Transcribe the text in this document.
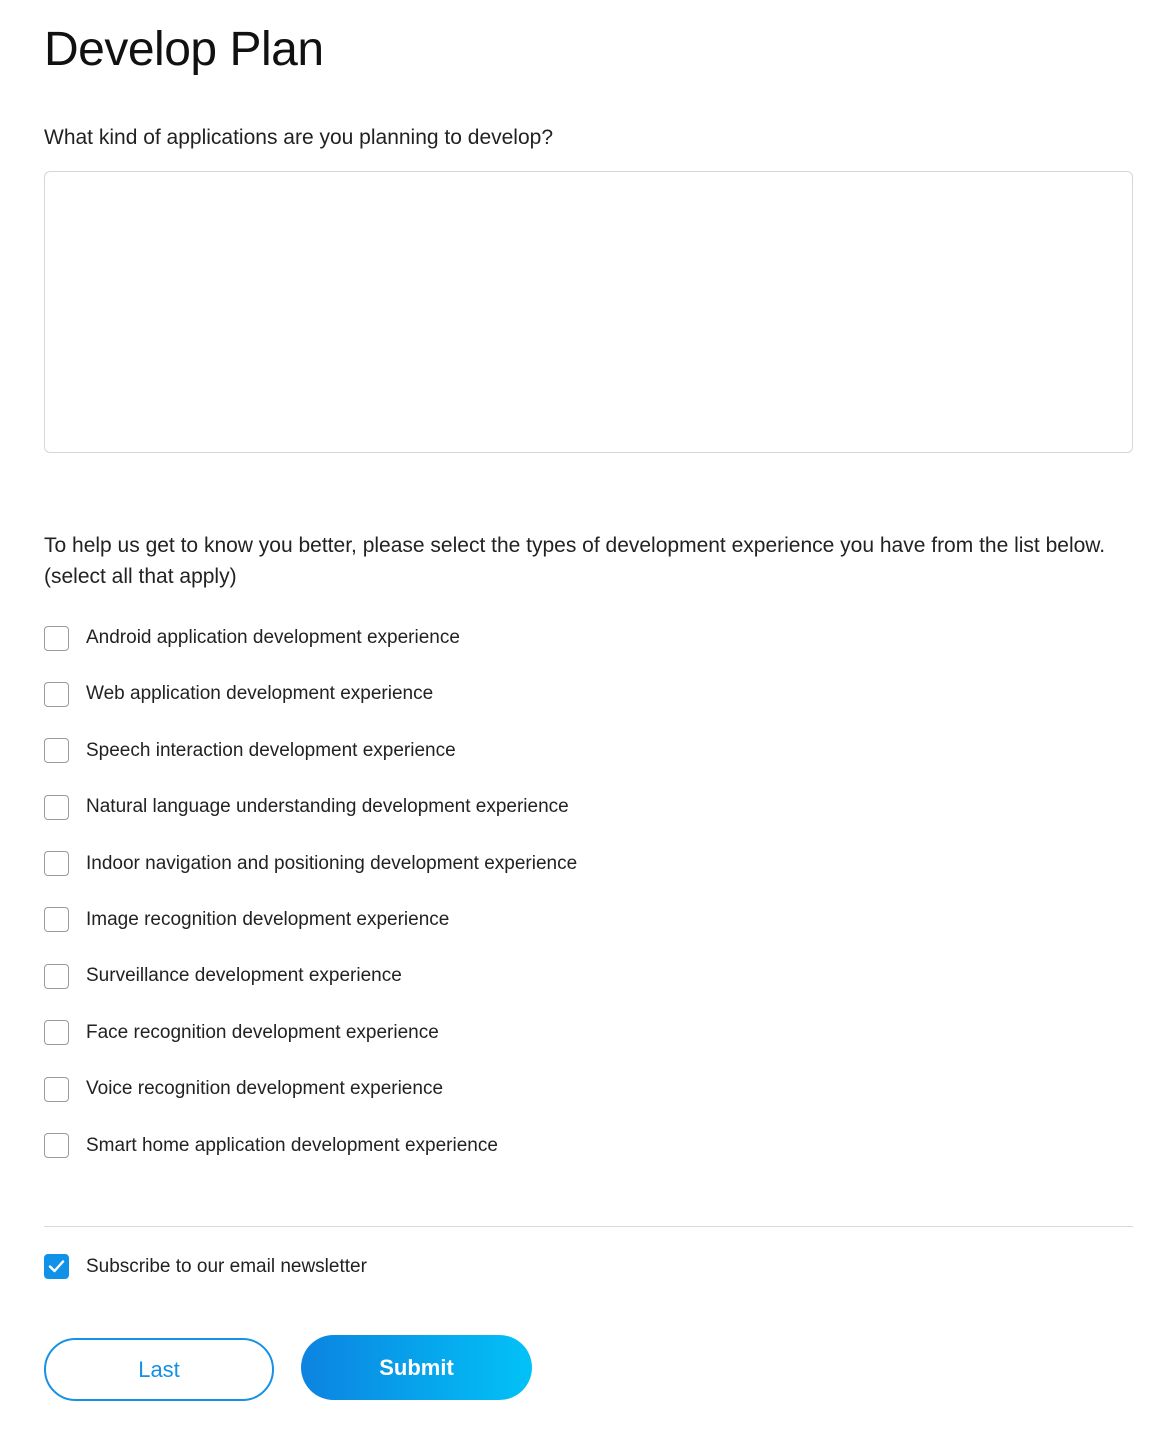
Develop Plan
What kind of applications are you planning to develop?
To help us get to know you better, please select the types of development experience you have from the list below. (select all that apply)
Android application development experience
Web application development experience
Speech interaction development experience
Natural language understanding development experience
Indoor navigation and positioning development experience
Image recognition development experience
Surveillance development experience
Face recognition development experience
Voice recognition development experience
Smart home application development experience
Subscribe to our email newsletter
Last	Submit
